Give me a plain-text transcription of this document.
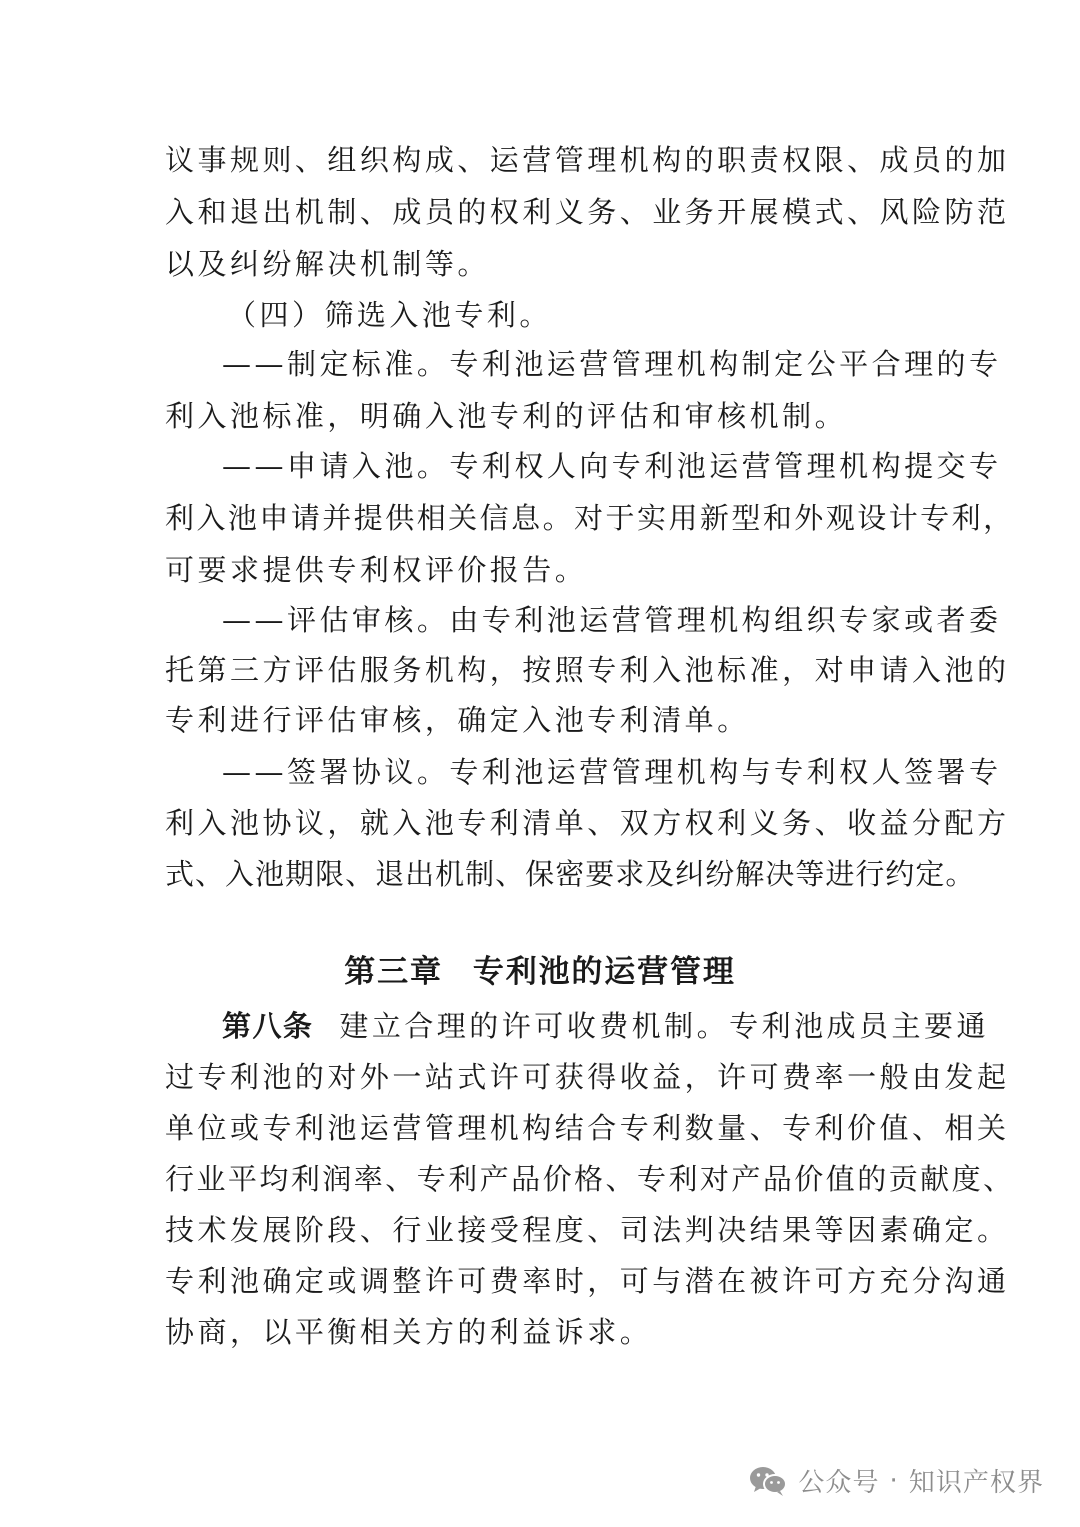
议事规则、组织构成、运营管理机构的职责权限、成员的加
入和退出机制、成员的权利义务、业务开展模式、风险防范
以及纠纷解决机制等。
（四）筛选入池专利。
——制定标准。专利池运营管理机构制定公平合理的专
利入池标准，明确入池专利的评估和审核机制。
——申请入池。专利权人向专利池运营管理机构提交专
利入池申请并提供相关信息。对于实用新型和外观设计专利，
可要求提供专利权评价报告。
——评估审核。由专利池运营管理机构组织专家或者委
托第三方评估服务机构，按照专利入池标准，对申请入池的
专利进行评估审核，确定入池专利清单。
——签署协议。专利池运营管理机构与专利权人签署专
利入池协议，就入池专利清单、双方权利义务、收益分配方
式、入池期限、退出机制、保密要求及纠纷解决等进行约定。
第三章 专利池的运营管理
第八条 建立合理的许可收费机制。专利池成员主要通
过专利池的对外一站式许可获得收益，许可费率一般由发起
单位或专利池运营管理机构结合专利数量、专利价值、相关
行业平均利润率、专利产品价格、专利对产品价值的贡献度、
技术发展阶段、行业接受程度、司法判决结果等因素确定。
专利池确定或调整许可费率时，可与潜在被许可方充分沟通
协商，以平衡相关方的利益诉求。
公众号 · 知识产权界
